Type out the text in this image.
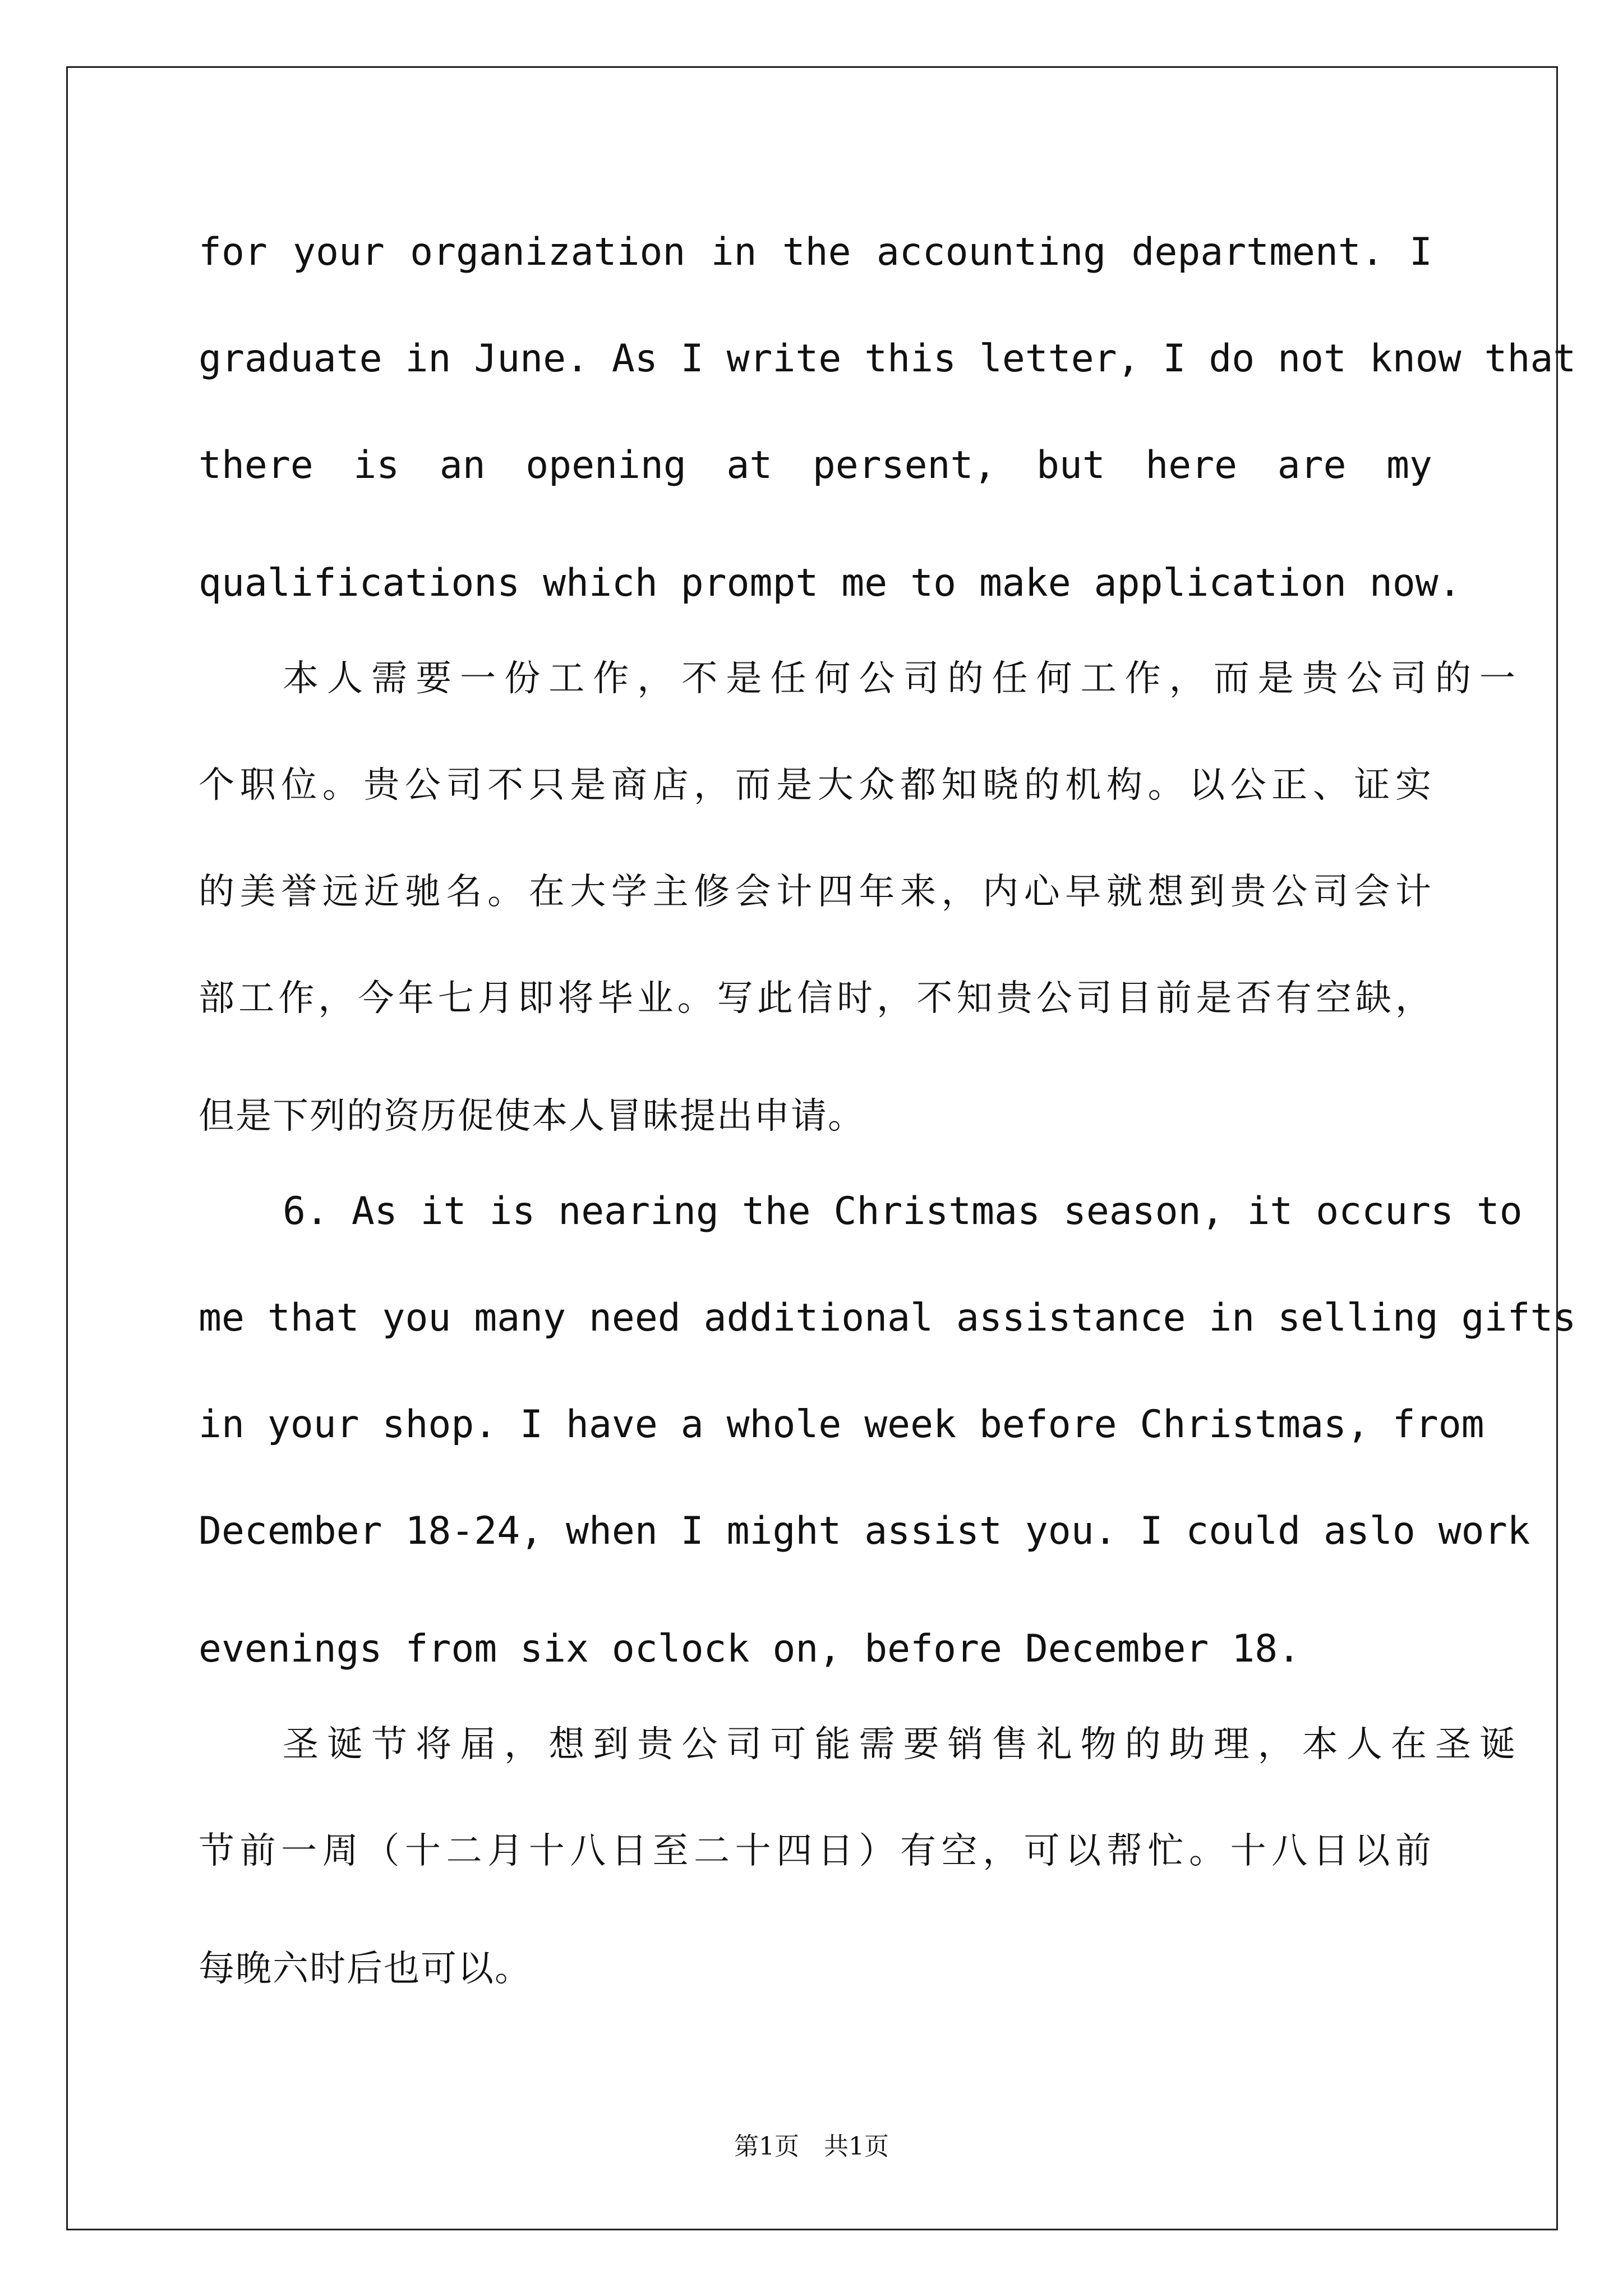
for your organization in the accounting department. I
graduate in June. As I write this letter, I do not know that
there is an opening at persent, but here are my
qualifications which prompt me to make application now.
本人需要一份工作，不是任何公司的任何工作，而是贵公司的一
个职位。贵公司不只是商店，而是大众都知晓的机构。以公正、证实
的美誉远近驰名。在大学主修会计四年来，内心早就想到贵公司会计
部工作，今年七月即将毕业。写此信时，不知贵公司目前是否有空缺，
但是下列的资历促使本人冒昧提出申请。
6. As it is nearing the Christmas season, it occurs to
me that you many need additional assistance in selling gifts
in your shop. I have a whole week before Christmas, from
December 18-24, when I might assist you. I could aslo work
evenings from six oclock on, before December 18.
圣诞节将届，想到贵公司可能需要销售礼物的助理，本人在圣诞
节前一周（十二月十八日至二十四日）有空，可以帮忙。十八日以前
每晚六时后也可以。
第1页　共1页
